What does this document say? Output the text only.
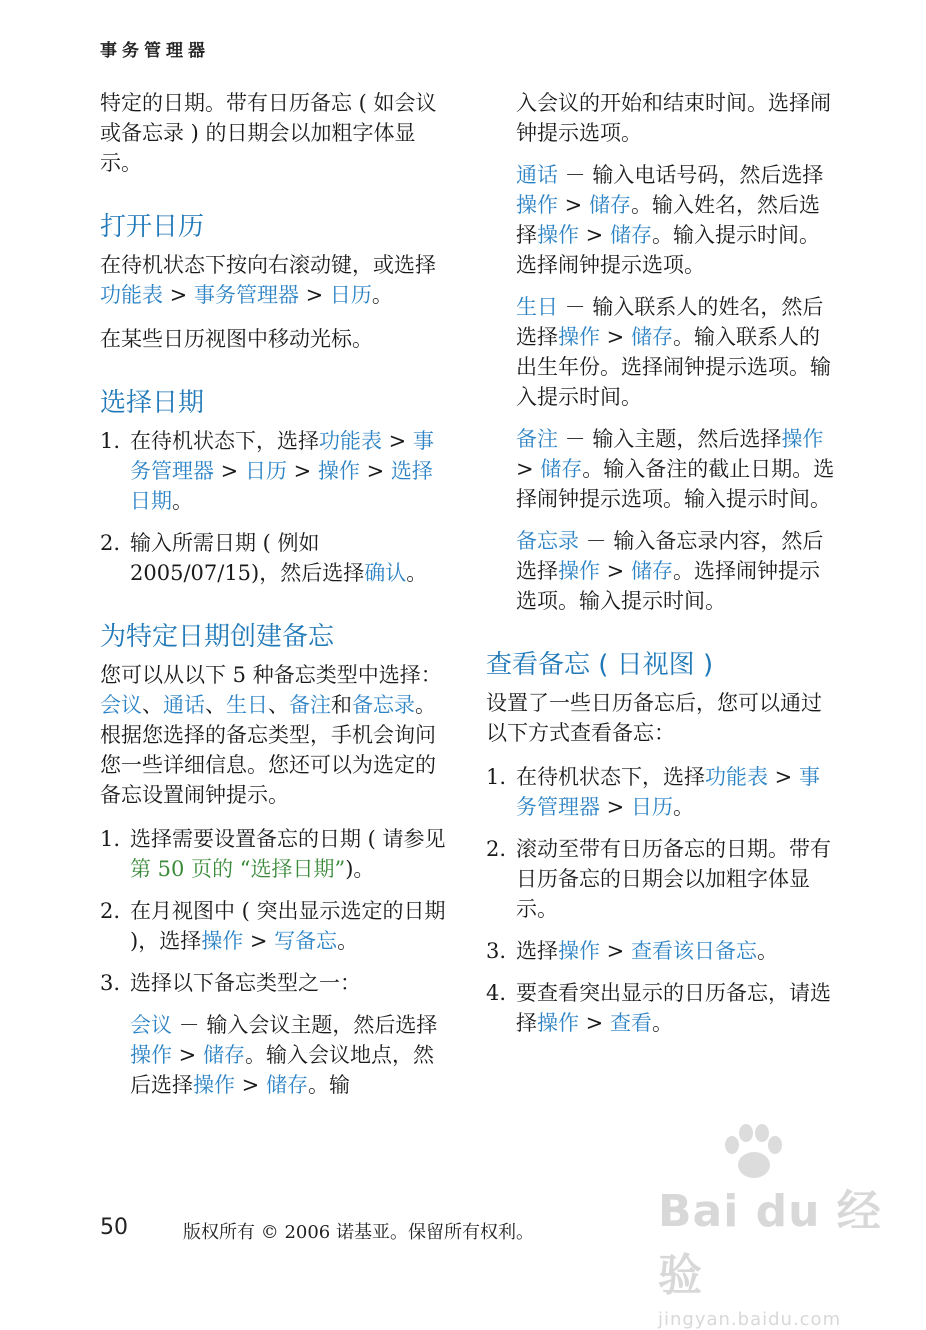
事务管理器

特定的日期。带有日历备忘 ( 如会议或备忘录 ) 的日期会以加粗字体显示。

打开日历

在待机状态下按向右滚动键，或选择功能表 > 事务管理器 > 日历。

在某些日历视图中移动光标。

选择日期
1. 在待机状态下，选择功能表 > 事务管理器 > 日历 > 操作 > 选择日期。
2. 输入所需日期 ( 例如 2005/07/15)，然后选择确认。
为特定日期创建备忘

您可以从以下 5 种备忘类型中选择：会议、通话、生日、备注和备忘录。根据您选择的备忘类型，手机会询问您一些详细信息。您还可以为选定的备忘设置闹钟提示。

1. 选择需要设置备忘的日期 ( 请参见第 50 页的 “选择日期”)。
2. 在月视图中 ( 突出显示选定的日期 )，选择操作 > 写备忘。
3. 选择以下备忘类型之一：

会议 － 输入会议主题，然后选择操作 > 储存。输入会议地点，然后选择操作 > 储存。输

入会议的开始和结束时间。选择闹钟提示选项。

通话 － 输入电话号码，然后选择操作 > 储存。输入姓名，然后选择操作 > 储存。输入提示时间。选择闹钟提示选项。

生日 － 输入联系人的姓名，然后选择操作 > 储存。输入联系人的出生年份。选择闹钟提示选项。输入提示时间。

备注 － 输入主题，然后选择操作 > 储存。输入备注的截止日期。选择闹钟提示选项。输入提示时间。

备忘录 － 输入备忘录内容，然后选择操作 > 储存。选择闹钟提示选项。输入提示时间。

查看备忘 ( 日视图 )

设置了一些日历备忘后，您可以通过以下方式查看备忘：

1. 在待机状态下，选择功能表 > 事务管理器 > 日历。
2. 滚动至带有日历备忘的日期。带有日历备忘的日期会以加粗字体显示。
3. 选择操作 > 查看该日备忘。
4. 要查看突出显示的日历备忘，请选择操作 > 查看。
50	版权所有 © 2006 诺基亚。保留所有权利。	Bai du 经验
jingyan.baidu.com
